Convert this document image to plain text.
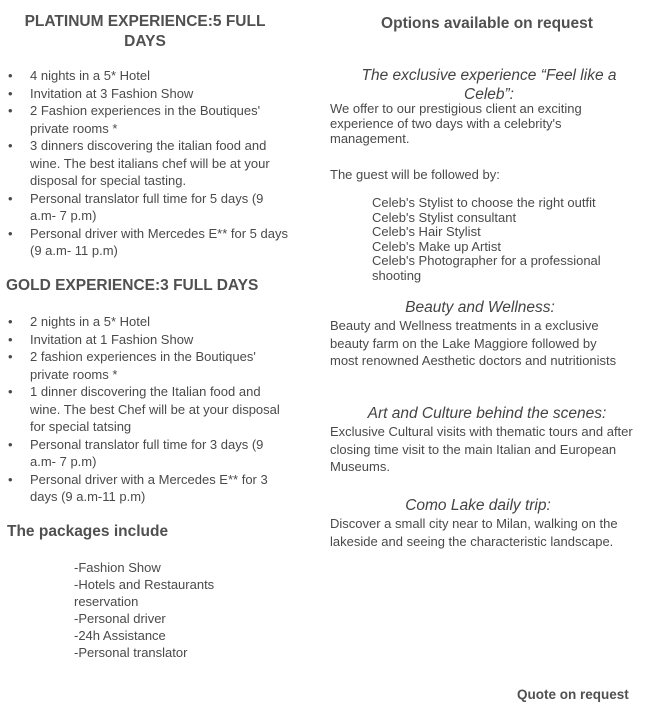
PLATINUM EXPERIENCE:5 FULL
DAYS
• 4 nights in a 5* Hotel
• Invitation at 3 Fashion Show
• 2 Fashion experiences in the Boutiques' private rooms *
• 3 dinners discovering the italian food and wine. The best italians chef will be at your disposal for special tasting.
• Personal translator full time for 5 days (9 a.m- 7 p.m)
• Personal driver with Mercedes E** for 5 days (9 a.m- 11 p.m)
GOLD EXPERIENCE:3 FULL DAYS
• 2 nights in a 5* Hotel
• Invitation at 1 Fashion Show
• 2 fashion experiences in the Boutiques' private rooms *
• 1 dinner discovering the Italian food and wine. The best Chef will be at your disposal for special tatsing
• Personal translator full time for 3 days (9 a.m- 7 p.m)
• Personal driver with a Mercedes E** for 3 days (9 a.m-11 p.m)
The packages include
-Fashion Show
-Hotels and Restaurants reservation
-Personal driver
-24h Assistance
-Personal translator
Options available on request
The exclusive experience “Feel like a Celeb”:

We offer to our prestigious client an exciting experience of two days with a celebrity's management.

The guest will be followed by:

Celeb's Stylist to choose the right outfit
Celeb's Stylist consultant
Celeb's Hair Stylist
Celeb's Make up Artist
Celeb's Photographer for a professional shooting
Beauty and Wellness:

Beauty and Wellness treatments in a exclusive beauty farm on the Lake Maggiore followed by most renowned Aesthetic doctors and nutritionists

Art and Culture behind the scenes:

Exclusive Cultural visits with thematic tours and after closing time visit to the main Italian and European Museums.

Como Lake daily trip:

Discover a small city near to Milan, walking on the lakeside and seeing the characteristic landscape.

Quote on request
